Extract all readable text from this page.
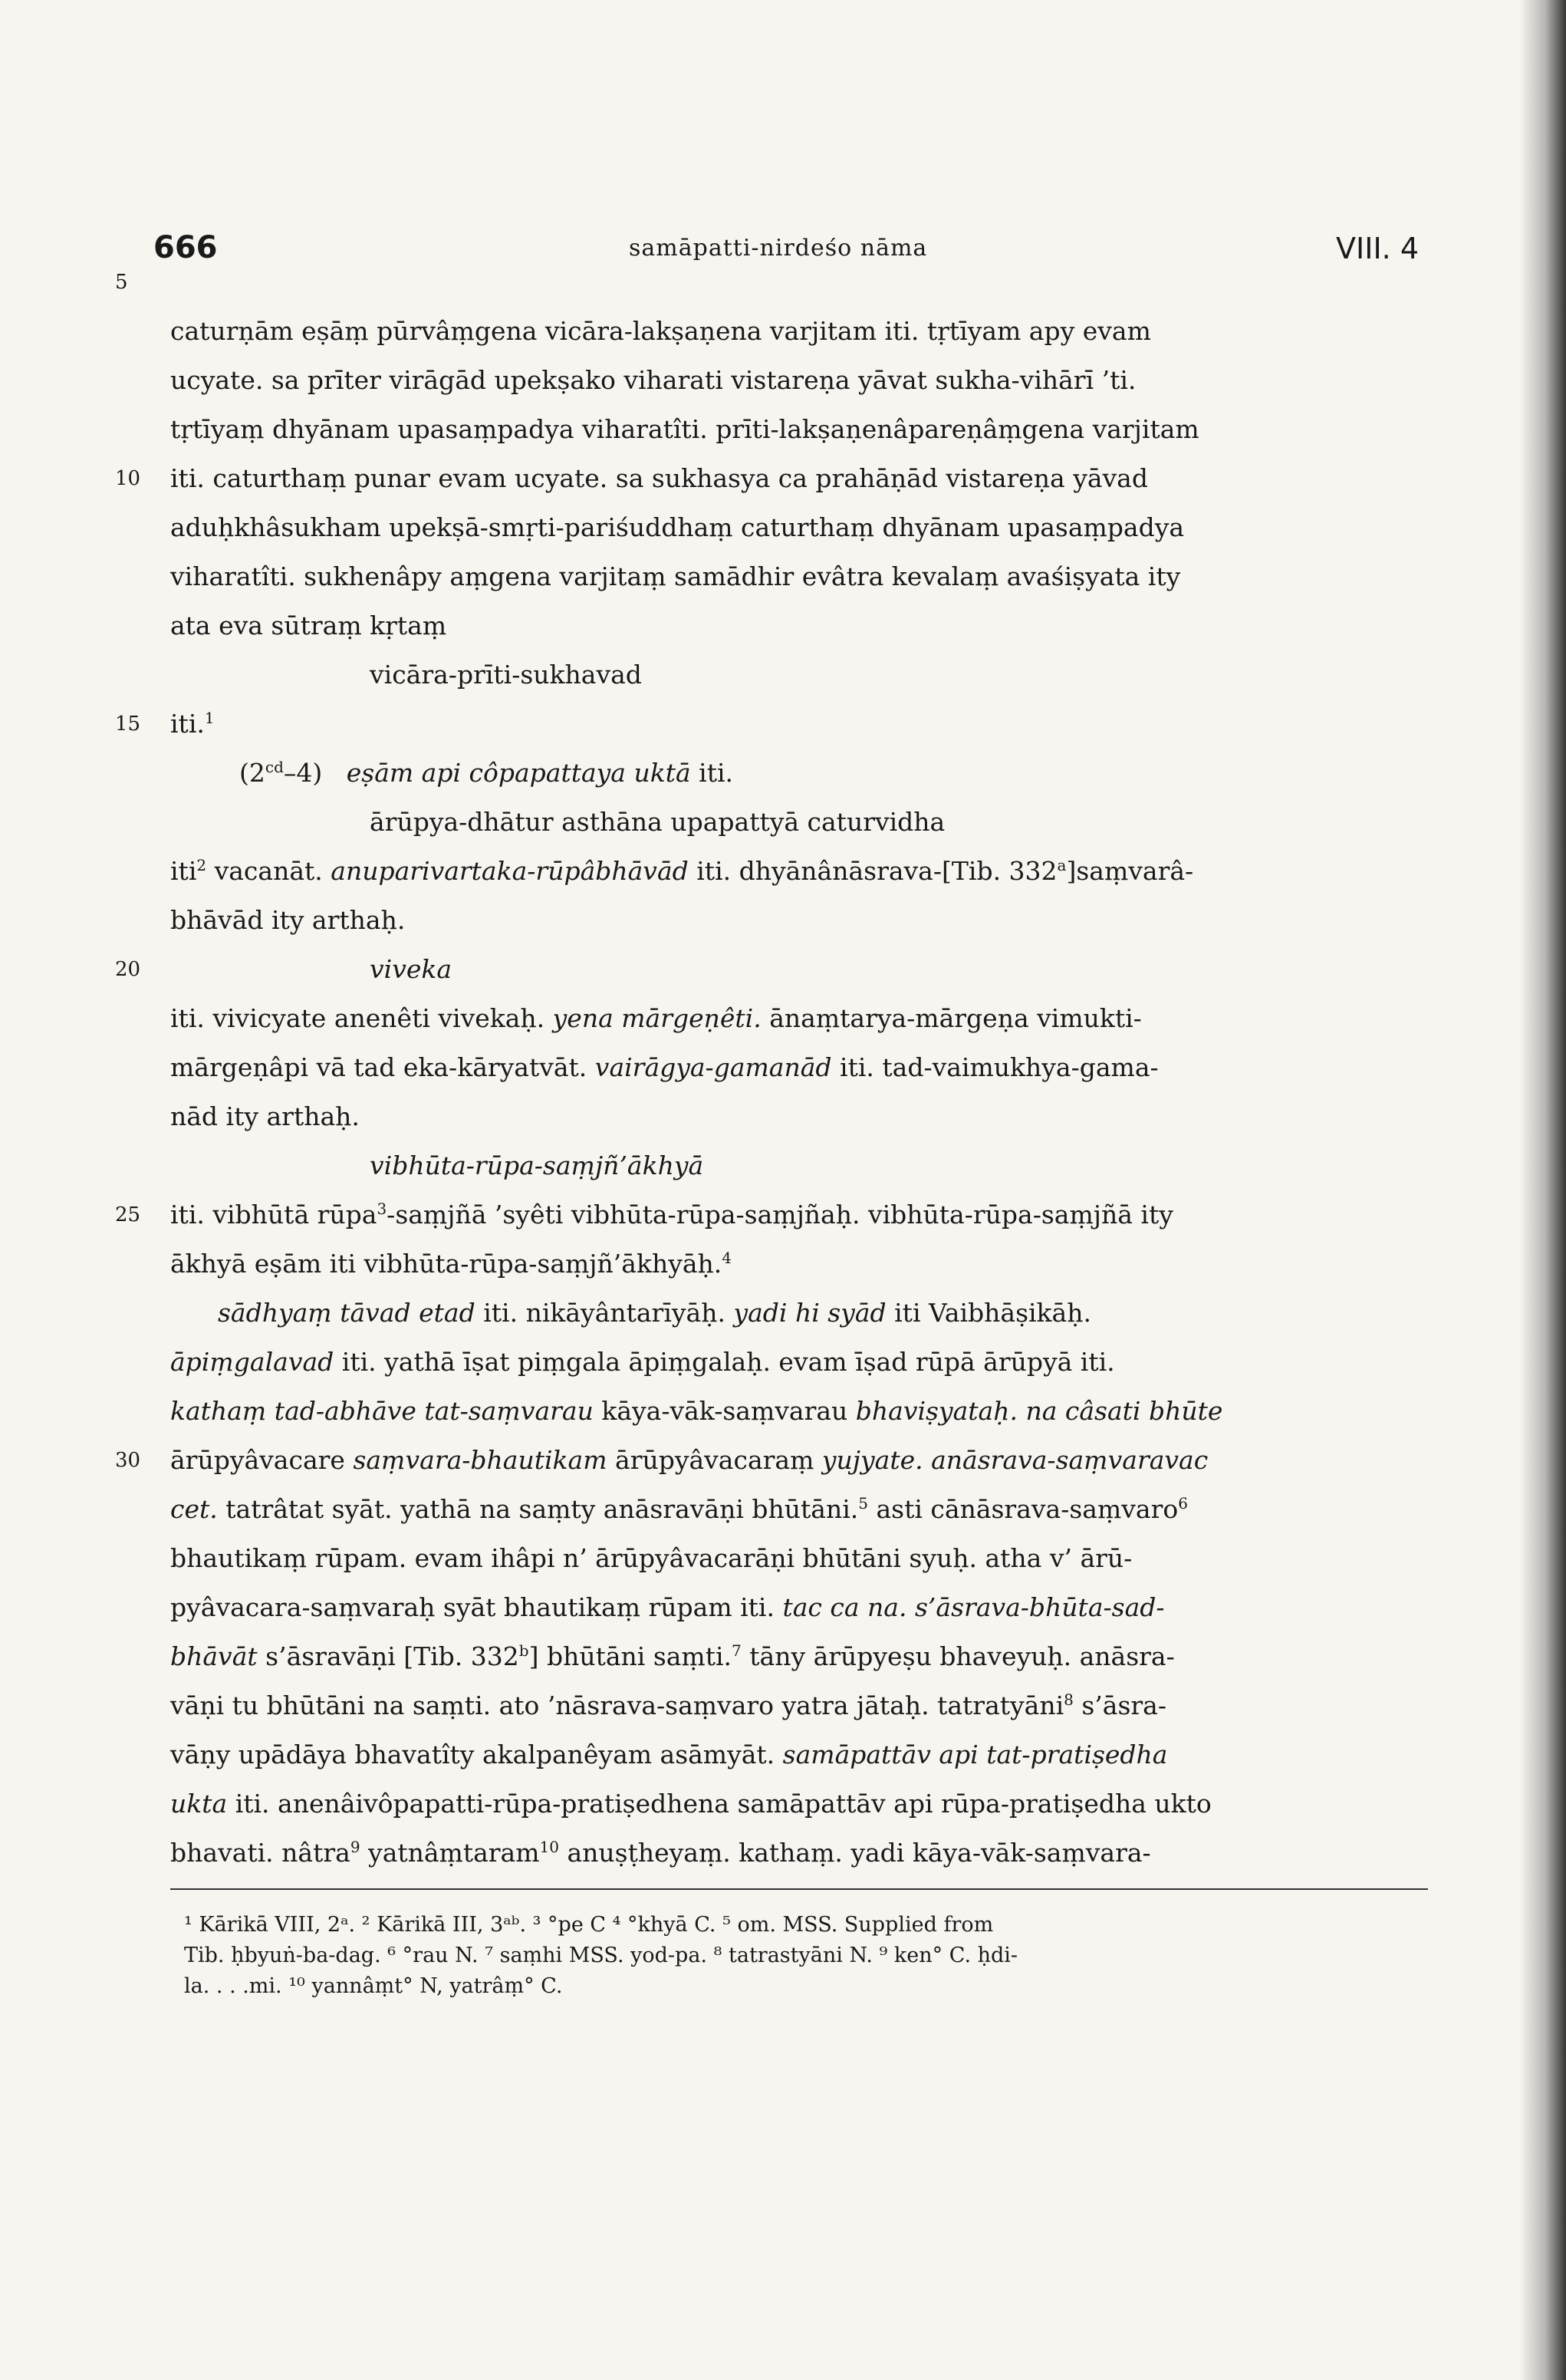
666	samāpatti-nirdeśo nāma	VIII. 4
5
10
15
20
25
30
caturṇām eṣāṃ pūrvâṃgena vicāra-lakṣaṇena varjitam iti. tṛtīyam apy evam
ucyate. sa prīter virāgād upekṣako viharati vistareṇa yāvat sukha-vihārī ’ti.
tṛtīyaṃ dhyānam upasaṃpadya viharatîti. prīti-lakṣaṇenâpareṇâṃgena varjitam
iti. caturthaṃ punar evam ucyate. sa sukhasya ca prahāṇād vistareṇa yāvad
aduḥkhâsukham upekṣā-smṛti-pariśuddhaṃ caturthaṃ dhyānam upasaṃpadya
viharatîti. sukhenâpy aṃgena varjitaṃ samādhir evâtra kevalaṃ avaśiṣyata ity
ata eva sūtraṃ kṛtaṃ
vicāra-prīti-sukhavad
iti.$^1$
$(2^{cd}-4)$ eṣām api côpapattaya uktā iti.
ārūpya-dhātur asthāna upapattyā caturvidha
iti$^2$ vacanāt. anuparivartaka-rūpâbhāvād iti. dhyānânāsrava-[Tib. 332$^a$]saṃvarâ-
bhāvād ity arthaḥ.
viveka
iti. vivicyate anenêti vivekaḥ. yena mārgeṇêti. ānaṃtarya-mārgeṇa vimukti-
mārgeṇâpi vā tad eka-kāryatvāt. vairāgya-gamanād iti. tad-vaimukhya-gama-
nād ity arthaḥ.
vibhūta-rūpa-saṃjñ’ākhyā
iti. vibhūtā rūpa$^3$-saṃjñā ’syêti vibhūta-rūpa-saṃjñaḥ. vibhūta-rūpa-saṃjñā ity
ākhyā eṣām iti vibhūta-rūpa-saṃjñ’ākhyāḥ.$^4$
sādhyaṃ tāvad etad iti. nikāyântarīyāḥ. yadi hi syād iti Vaibhāṣikāḥ.
āpiṃgalavad iti. yathā īṣat piṃgala āpiṃgalaḥ. evam īṣad rūpā ārūpyā iti.
kathaṃ tad-abhāve tat-saṃvarau kāya-vāk-saṃvarau bhaviṣyataḥ. na câsati bhūte
ārūpyâvacare saṃvara-bhautikam ārūpyâvacaraṃ yujyate. anāsrava-saṃvaravac
cet. tatrâtat syāt. yathā na saṃty anāsravāṇi bhūtāni.$^5$ asti cānāsrava-saṃvaro$^6$
bhautikaṃ rūpam. evam ihâpi n’ ārūpyâvacarāṇi bhūtāni syuḥ. atha v’ ārū-
pyâvacara-saṃvaraḥ syāt bhautikaṃ rūpam iti. tac ca na. s’āsrava-bhūta-sad-
bhāvāt s’āsravāṇi [Tib. 332$^b$] bhūtāni saṃti.$^7$ tāny ārūpyeṣu bhaveyuḥ. anāsra-
vāṇi tu bhūtāni na saṃti. ato ’nāsrava-saṃvaro yatra jātaḥ. tatratyāni$^8$ s’āsra-
vāṇy upādāya bhavatîty akalpanêyam asāmyāt. samāpattāv api tat-pratiṣedha
ukta iti. anenâivôpapatti-rūpa-pratiṣedhena samāpattāv api rūpa-pratiṣedha ukto
bhavati. nâtra$^9$ yatnâṃtaram$^{10}$ anuṣṭheyaṃ. kathaṃ. yadi kāya-vāk-saṃvara-
¹ Kārikā VIII, 2ᵃ. ² Kārikā III, 3ᵃᵇ. ³ °pe C ⁴ °khyā C. ⁵ om. MSS. Supplied from
Tib. ḥbyuṅ-ba-dag. ⁶ °rau N. ⁷ saṃhi MSS. yod-pa. ⁸ tatrastyāni N. ⁹ ken° C. ḥdi-
la. . . .mi. ¹⁰ yannâṃt° N, yatrâṃ° C.
